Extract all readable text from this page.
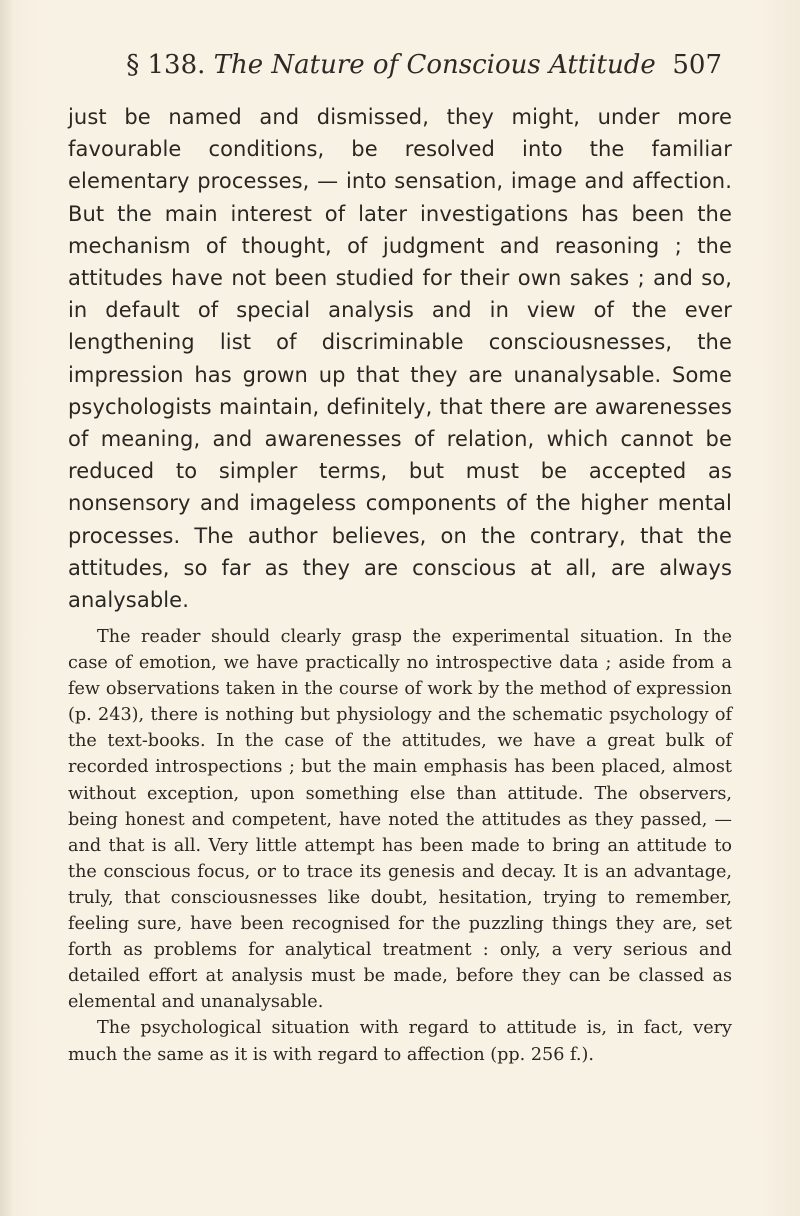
§ 138. The Nature of Conscious Attitude 507

just be named and dismissed, they might, under more favourable conditions, be resolved into the familiar elementary processes, — into sensation, image and affection. But the main interest of later investigations has been the mechanism of thought, of judgment and reasoning ; the attitudes have not been studied for their own sakes ; and so, in default of special analysis and in view of the ever lengthening list of discriminable consciousnesses, the impression has grown up that they are unanalysable. Some psychologists maintain, definitely, that there are awarenesses of meaning, and awarenesses of relation, which cannot be reduced to simpler terms, but must be accepted as nonsensory and imageless components of the higher mental processes. The author believes, on the contrary, that the attitudes, so far as they are conscious at all, are always analysable.

The reader should clearly grasp the experimental situation. In the case of emotion, we have practically no introspective data ; aside from a few observations taken in the course of work by the method of expression (p. 243), there is nothing but physiology and the schematic psychology of the text-books. In the case of the attitudes, we have a great bulk of recorded introspections ; but the main emphasis has been placed, almost without exception, upon something else than attitude. The observers, being honest and competent, have noted the attitudes as they passed, — and that is all. Very little attempt has been made to bring an attitude to the conscious focus, or to trace its genesis and decay. It is an advantage, truly, that consciousnesses like doubt, hesitation, trying to remember, feeling sure, have been recognised for the puzzling things they are, set forth as problems for analytical treatment : only, a very serious and detailed effort at analysis must be made, before they can be classed as elemental and unanalysable.

The psychological situation with regard to attitude is, in fact, very much the same as it is with regard to affection (pp. 256 f.).
